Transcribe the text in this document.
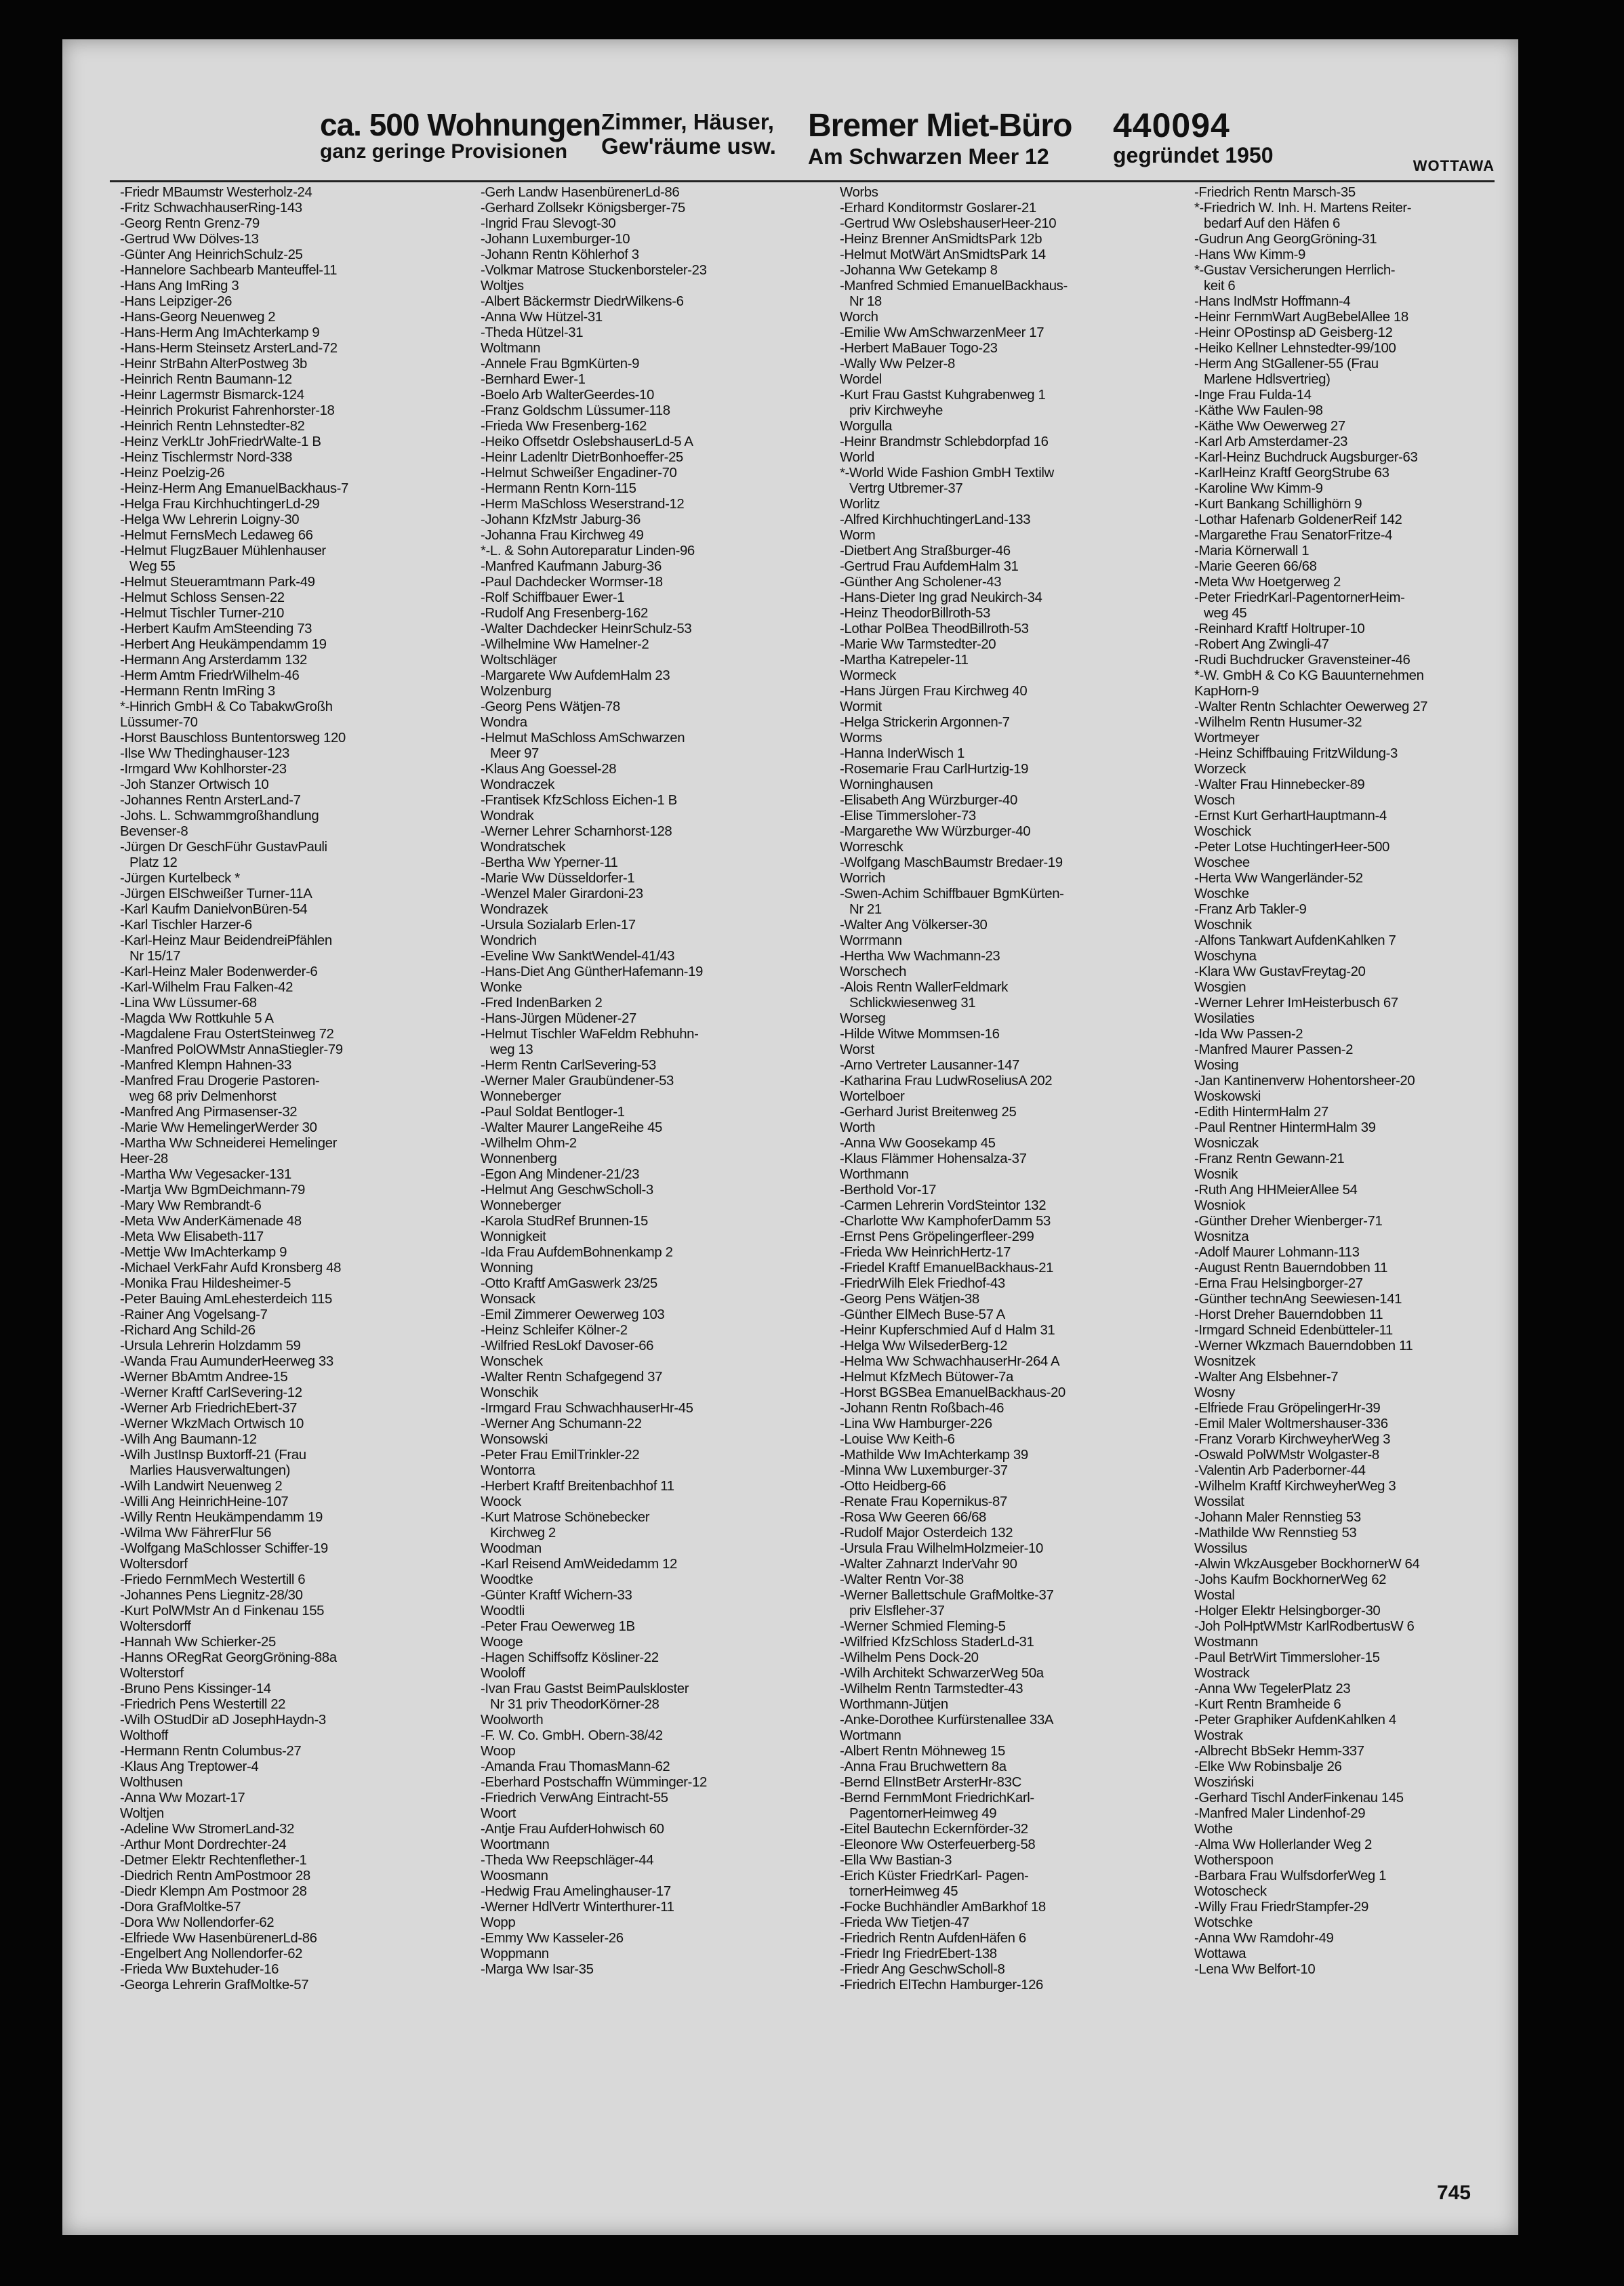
ca. 500 Wohnungen
ganz geringe Provisionen
Zimmer, Häuser,
Gew'räume usw.
Bremer Miet-Büro
Am Schwarzen Meer 12
440094
gegründet 1950	WOTTAWA
-Friedr MBaumstr Westerholz-24
-Fritz SchwachhauserRing-143
-Georg Rentn Grenz-79
-Gertrud Ww Dölves-13
-Günter Ang HeinrichSchulz-25
-Hannelore Sachbearb Manteuffel-11
-Hans Ang ImRing 3
-Hans Leipziger-26
-Hans-Georg Neuenweg 2
-Hans-Herm Ang ImAchterkamp 9
-Hans-Herm Steinsetz ArsterLand-72
-Heinr StrBahn AlterPostweg 3b
-Heinrich Rentn Baumann-12
-Heinr Lagermstr Bismarck-124
-Heinrich Prokurist Fahrenhorster-18
-Heinrich Rentn Lehnstedter-82
-Heinz VerkLtr JohFriedrWalte-1 B
-Heinz Tischlermstr Nord-338
-Heinz Poelzig-26
-Heinz-Herm Ang EmanuelBackhaus-7
-Helga Frau KirchhuchtingerLd-29
-Helga Ww Lehrerin Loigny-30
-Helmut FernsMech Ledaweg 66
-Helmut FlugzBauer Mühlenhauser
Weg 55
-Helmut Steueramtmann Park-49
-Helmut Schloss Sensen-22
-Helmut Tischler Turner-210
-Herbert Kaufm AmSteending 73
-Herbert Ang Heukämpendamm 19
-Hermann Ang Arsterdamm 132
-Herm Amtm FriedrWilhelm-46
-Hermann Rentn ImRing 3
*-Hinrich GmbH & Co TabakwGroßh
Lüssumer-70
-Horst Bauschloss Buntentorsweg 120
-Ilse Ww Thedinghauser-123
-Irmgard Ww Kohlhorster-23
-Joh Stanzer Ortwisch 10
-Johannes Rentn ArsterLand-7
-Johs. L. Schwammgroßhandlung
Bevenser-8
-Jürgen Dr GeschFühr GustavPauli
Platz 12
-Jürgen Kurtelbeck *
-Jürgen ElSchweißer Turner-11A
-Karl Kaufm DanielvonBüren-54
-Karl Tischler Harzer-6
-Karl-Heinz Maur BeidendreiPfählen
Nr 15/17
-Karl-Heinz Maler Bodenwerder-6
-Karl-Wilhelm Frau Falken-42
-Lina Ww Lüssumer-68
-Magda Ww Rottkuhle 5 A
-Magdalene Frau OstertSteinweg 72
-Manfred PolOWMstr AnnaStiegler-79
-Manfred Klempn Hahnen-33
-Manfred Frau Drogerie Pastoren-
weg 68 priv Delmenhorst
-Manfred Ang Pirmasenser-32
-Marie Ww HemelingerWerder 30
-Martha Ww Schneiderei Hemelinger
Heer-28
-Martha Ww Vegesacker-131
-Martja Ww BgmDeichmann-79
-Mary Ww Rembrandt-6
-Meta Ww AnderKämenade 48
-Meta Ww Elisabeth-117
-Mettje Ww ImAchterkamp 9
-Michael VerkFahr Aufd Kronsberg 48
-Monika Frau Hildesheimer-5
-Peter Bauing AmLehesterdeich 115
-Rainer Ang Vogelsang-7
-Richard Ang Schild-26
-Ursula Lehrerin Holzdamm 59
-Wanda Frau AumunderHeerweg 33
-Werner BbAmtm Andree-15
-Werner Kraftf CarlSevering-12
-Werner Arb FriedrichEbert-37
-Werner WkzMach Ortwisch 10
-Wilh Ang Baumann-12
-Wilh JustInsp Buxtorff-21 (Frau
Marlies Hausverwaltungen)
-Wilh Landwirt Neuenweg 2
-Willi Ang HeinrichHeine-107
-Willy Rentn Heukämpendamm 19
-Wilma Ww FährerFlur 56
-Wolfgang MaSchlosser Schiffer-19
Woltersdorf
-Friedo FernmMech Westertill 6
-Johannes Pens Liegnitz-28/30
-Kurt PolWMstr An d Finkenau 155
Woltersdorff
-Hannah Ww Schierker-25
-Hanns ORegRat GeorgGröning-88a
Wolterstorf
-Bruno Pens Kissinger-14
-Friedrich Pens Westertill 22
-Wilh OStudDir aD JosephHaydn-3
Wolthoff
-Hermann Rentn Columbus-27
-Klaus Ang Treptower-4
Wolthusen
-Anna Ww Mozart-17
Woltjen
-Adeline Ww StromerLand-32
-Arthur Mont Dordrechter-24
-Detmer Elektr Rechtenflether-1
-Diedrich Rentn AmPostmoor 28
-Diedr Klempn Am Postmoor 28
-Dora GrafMoltke-57
-Dora Ww Nollendorfer-62
-Elfriede Ww HasenbürenerLd-86
-Engelbert Ang Nollendorfer-62
-Frieda Ww Buxtehuder-16
-Georga Lehrerin GrafMoltke-57
-Gerh Landw HasenbürenerLd-86
-Gerhard Zollsekr Königsberger-75
-Ingrid Frau Slevogt-30
-Johann Luxemburger-10
-Johann Rentn Köhlerhof 3
-Volkmar Matrose Stuckenborsteler-23
Woltjes
-Albert Bäckermstr DiedrWilkens-6
-Anna Ww Hützel-31
-Theda Hützel-31
Woltmann
-Annele Frau BgmKürten-9
-Bernhard Ewer-1
-Boelo Arb WalterGeerdes-10
-Franz Goldschm Lüssumer-118
-Frieda Ww Fresenberg-162
-Heiko Offsetdr OslebshauserLd-5 A
-Heinr Ladenltr DietrBonhoeffer-25
-Helmut Schweißer Engadiner-70
-Hermann Rentn Korn-115
-Herm MaSchloss Weserstrand-12
-Johann KfzMstr Jaburg-36
-Johanna Frau Kirchweg 49
*-L. & Sohn Autoreparatur Linden-96
-Manfred Kaufmann Jaburg-36
-Paul Dachdecker Wormser-18
-Rolf Schiffbauer Ewer-1
-Rudolf Ang Fresenberg-162
-Walter Dachdecker HeinrSchulz-53
-Wilhelmine Ww Hamelner-2
Woltschläger
-Margarete Ww AufdemHalm 23
Wolzenburg
-Georg Pens Wätjen-78
Wondra
-Helmut MaSchloss AmSchwarzen
Meer 97
-Klaus Ang Goessel-28
Wondraczek
-Frantisek KfzSchloss Eichen-1 B
Wondrak
-Werner Lehrer Scharnhorst-128
Wondratschek
-Bertha Ww Yperner-11
-Marie Ww Düsseldorfer-1
-Wenzel Maler Girardoni-23
Wondrazek
-Ursula Sozialarb Erlen-17
Wondrich
-Eveline Ww SanktWendel-41/43
-Hans-Diet Ang GüntherHafemann-19
Wonke
-Fred IndenBarken 2
-Hans-Jürgen Müdener-27
-Helmut Tischler WaFeldm Rebhuhn-
weg 13
-Herm Rentn CarlSevering-53
-Werner Maler Graubündener-53
Wonneberger
-Paul Soldat Bentloger-1
-Walter Maurer LangeReihe 45
-Wilhelm Ohm-2
Wonnenberg
-Egon Ang Mindener-21/23
-Helmut Ang GeschwScholl-3
Wonneberger
-Karola StudRef Brunnen-15
Wonnigkeit
-Ida Frau AufdemBohnenkamp 2
Wonning
-Otto Kraftf AmGaswerk 23/25
Wonsack
-Emil Zimmerer Oewerweg 103
-Heinz Schleifer Kölner-2
-Wilfried ResLokf Davoser-66
Wonschek
-Walter Rentn Schafgegend 37
Wonschik
-Irmgard Frau SchwachhauserHr-45
-Werner Ang Schumann-22
Wonsowski
-Peter Frau EmilTrinkler-22
Wontorra
-Herbert Kraftf Breitenbachhof 11
Woock
-Kurt Matrose Schönebecker
Kirchweg 2
Woodman
-Karl Reisend AmWeidedamm 12
Woodtke
-Günter Kraftf Wichern-33
Woodtli
-Peter Frau Oewerweg 1B
Wooge
-Hagen Schiffsoffz Kösliner-22
Wooloff
-Ivan Frau Gastst BeimPaulskloster
Nr 31 priv TheodorKörner-28
Woolworth
-F. W. Co. GmbH. Obern-38/42
Woop
-Amanda Frau ThomasMann-62
-Eberhard Postschaffn Wümminger-12
-Friedrich VerwAng Eintracht-55
Woort
-Antje Frau AufderHohwisch 60
Woortmann
-Theda Ww Reepschläger-44
Woosmann
-Hedwig Frau Amelinghauser-17
-Werner HdlVertr Winterthurer-11
Wopp
-Emmy Ww Kasseler-26
Woppmann
-Marga Ww Isar-35
Worbs
-Erhard Konditormstr Goslarer-21
-Gertrud Ww OslebshauserHeer-210
-Heinz Brenner AnSmidtsPark 12b
-Helmut MotWärt AnSmidtsPark 14
-Johanna Ww Getekamp 8
-Manfred Schmied EmanuelBackhaus-
Nr 18
Worch
-Emilie Ww AmSchwarzenMeer 17
-Herbert MaBauer Togo-23
-Wally Ww Pelzer-8
Wordel
-Kurt Frau Gastst Kuhgrabenweg 1
priv Kirchweyhe
Worgulla
-Heinr Brandmstr Schlebdorpfad 16
World
*-World Wide Fashion GmbH Textilw
Vertrg Utbremer-37
Worlitz
-Alfred KirchhuchtingerLand-133
Worm
-Dietbert Ang Straßburger-46
-Gertrud Frau AufdemHalm 31
-Günther Ang Scholener-43
-Hans-Dieter Ing grad Neukirch-34
-Heinz TheodorBillroth-53
-Lothar PolBea TheodBillroth-53
-Marie Ww Tarmstedter-20
-Martha Katrepeler-11
Wormeck
-Hans Jürgen Frau Kirchweg 40
Wormit
-Helga Strickerin Argonnen-7
Worms
-Hanna InderWisch 1
-Rosemarie Frau CarlHurtzig-19
Worninghausen
-Elisabeth Ang Würzburger-40
-Elise Timmersloher-73
-Margarethe Ww Würzburger-40
Worreschk
-Wolfgang MaschBaumstr Bredaer-19
Worrich
-Swen-Achim Schiffbauer BgmKürten-
Nr 21
-Walter Ang Völkerser-30
Worrmann
-Hertha Ww Wachmann-23
Worschech
-Alois Rentn WallerFeldmark
Schlickwiesenweg 31
Worseg
-Hilde Witwe Mommsen-16
Worst
-Arno Vertreter Lausanner-147
-Katharina Frau LudwRoseliusA 202
Wortelboer
-Gerhard Jurist Breitenweg 25
Worth
-Anna Ww Goosekamp 45
-Klaus Flämmer Hohensalza-37
Worthmann
-Berthold Vor-17
-Carmen Lehrerin VordSteintor 132
-Charlotte Ww KamphoferDamm 53
-Ernst Pens Gröpelingerfleer-299
-Frieda Ww HeinrichHertz-17
-Friedel Kraftf EmanuelBackhaus-21
-FriedrWilh Elek Friedhof-43
-Georg Pens Wätjen-38
-Günther ElMech Buse-57 A
-Heinr Kupferschmied Auf d Halm 31
-Helga Ww WilsederBerg-12
-Helma Ww SchwachhauserHr-264 A
-Helmut KfzMech Bütower-7a
-Horst BGSBea EmanuelBackhaus-20
-Johann Rentn Roßbach-46
-Lina Ww Hamburger-226
-Louise Ww Keith-6
-Mathilde Ww ImAchterkamp 39
-Minna Ww Luxemburger-37
-Otto Heidberg-66
-Renate Frau Kopernikus-87
-Rosa Ww Geeren 66/68
-Rudolf Major Osterdeich 132
-Ursula Frau WilhelmHolzmeier-10
-Walter Zahnarzt InderVahr 90
-Walter Rentn Vor-38
-Werner Ballettschule GrafMoltke-37
priv Elsfleher-37
-Werner Schmied Fleming-5
-Wilfried KfzSchloss StaderLd-31
-Wilhelm Pens Dock-20
-Wilh Architekt SchwarzerWeg 50a
-Wilhelm Rentn Tarmstedter-43
Worthmann-Jütjen
-Anke-Dorothee Kurfürstenallee 33A
Wortmann
-Albert Rentn Möhneweg 15
-Anna Frau Bruchwettern 8a
-Bernd ElInstBetr ArsterHr-83C
-Bernd FernmMont FriedrichKarl-
PagentornerHeimweg 49
-Eitel Bautechn Eckernförder-32
-Eleonore Ww Osterfeuerberg-58
-Ella Ww Bastian-3
-Erich Küster FriedrKarl- Pagen-
tornerHeimweg 45
-Focke Buchhändler AmBarkhof 18
-Frieda Ww Tietjen-47
-Friedrich Rentn AufdenHäfen 6
-Friedr Ing FriedrEbert-138
-Friedr Ang GeschwScholl-8
-Friedrich ElTechn Hamburger-126
-Friedrich Rentn Marsch-35
*-Friedrich W. Inh. H. Martens Reiter-
bedarf Auf den Häfen 6
-Gudrun Ang GeorgGröning-31
-Hans Ww Kimm-9
*-Gustav Versicherungen Herrlich-
keit 6
-Hans IndMstr Hoffmann-4
-Heinr FernmWart AugBebelAllee 18
-Heinr OPostinsp aD Geisberg-12
-Heiko Kellner Lehnstedter-99/100
-Herm Ang StGallener-55 (Frau
Marlene Hdlsvertrieg)
-Inge Frau Fulda-14
-Käthe Ww Faulen-98
-Käthe Ww Oewerweg 27
-Karl Arb Amsterdamer-23
-Karl-Heinz Buchdruck Augsburger-63
-KarlHeinz Kraftf GeorgStrube 63
-Karoline Ww Kimm-9
-Kurt Bankang Schillighörn 9
-Lothar Hafenarb GoldenerReif 142
-Margarethe Frau SenatorFritze-4
-Maria Körnerwall 1
-Marie Geeren 66/68
-Meta Ww Hoetgerweg 2
-Peter FriedrKarl-PagentornerHeim-
weg 45
-Reinhard Kraftf Holtruper-10
-Robert Ang Zwingli-47
-Rudi Buchdrucker Gravensteiner-46
*-W. GmbH & Co KG Bauunternehmen
KapHorn-9
-Walter Rentn Schlachter Oewerweg 27
-Wilhelm Rentn Husumer-32
Wortmeyer
-Heinz Schiffbauing FritzWildung-3
Worzeck
-Walter Frau Hinnebecker-89
Wosch
-Ernst Kurt GerhartHauptmann-4
Woschick
-Peter Lotse HuchtingerHeer-500
Woschee
-Herta Ww Wangerländer-52
Woschke
-Franz Arb Takler-9
Woschnik
-Alfons Tankwart AufdenKahlken 7
Woschyna
-Klara Ww GustavFreytag-20
Wosgien
-Werner Lehrer ImHeisterbusch 67
Wosilaties
-Ida Ww Passen-2
-Manfred Maurer Passen-2
Wosing
-Jan Kantinenverw Hohentorsheer-20
Woskowski
-Edith HintermHalm 27
-Paul Rentner HintermHalm 39
Wosniczak
-Franz Rentn Gewann-21
Wosnik
-Ruth Ang HHMeierAllee 54
Wosniok
-Günther Dreher Wienberger-71
Wosnitza
-Adolf Maurer Lohmann-113
-August Rentn Bauerndobben 11
-Erna Frau Helsingborger-27
-Günther technAng Seewiesen-141
-Horst Dreher Bauerndobben 11
-Irmgard Schneid Edenbütteler-11
-Werner Wkzmach Bauerndobben 11
Wosnitzek
-Walter Ang Elsbehner-7
Wosny
-Elfriede Frau GröpelingerHr-39
-Emil Maler Woltmershauser-336
-Franz Vorarb KirchweyherWeg 3
-Oswald PolWMstr Wolgaster-8
-Valentin Arb Paderborner-44
-Wilhelm Kraftf KirchweyherWeg 3
Wossilat
-Johann Maler Rennstieg 53
-Mathilde Ww Rennstieg 53
Wossilus
-Alwin WkzAusgeber BockhornerW 64
-Johs Kaufm BockhornerWeg 62
Wostal
-Holger Elektr Helsingborger-30
-Joh PolHptWMstr KarlRodbertusW 6
Wostmann
-Paul BetrWirt Timmersloher-15
Wostrack
-Anna Ww TegelerPlatz 23
-Kurt Rentn Bramheide 6
-Peter Graphiker AufdenKahlken 4
Wostrak
-Albrecht BbSekr Hemm-337
-Elke Ww Robinsbalje 26
Wosziński
-Gerhard Tischl AnderFinkenau 145
-Manfred Maler Lindenhof-29
Wothe
-Alma Ww Hollerlander Weg 2
Wotherspoon
-Barbara Frau WulfsdorferWeg 1
Wotoscheck
-Willy Frau FriedrStampfer-29
Wotschke
-Anna Ww Ramdohr-49
Wottawa
-Lena Ww Belfort-10
745
